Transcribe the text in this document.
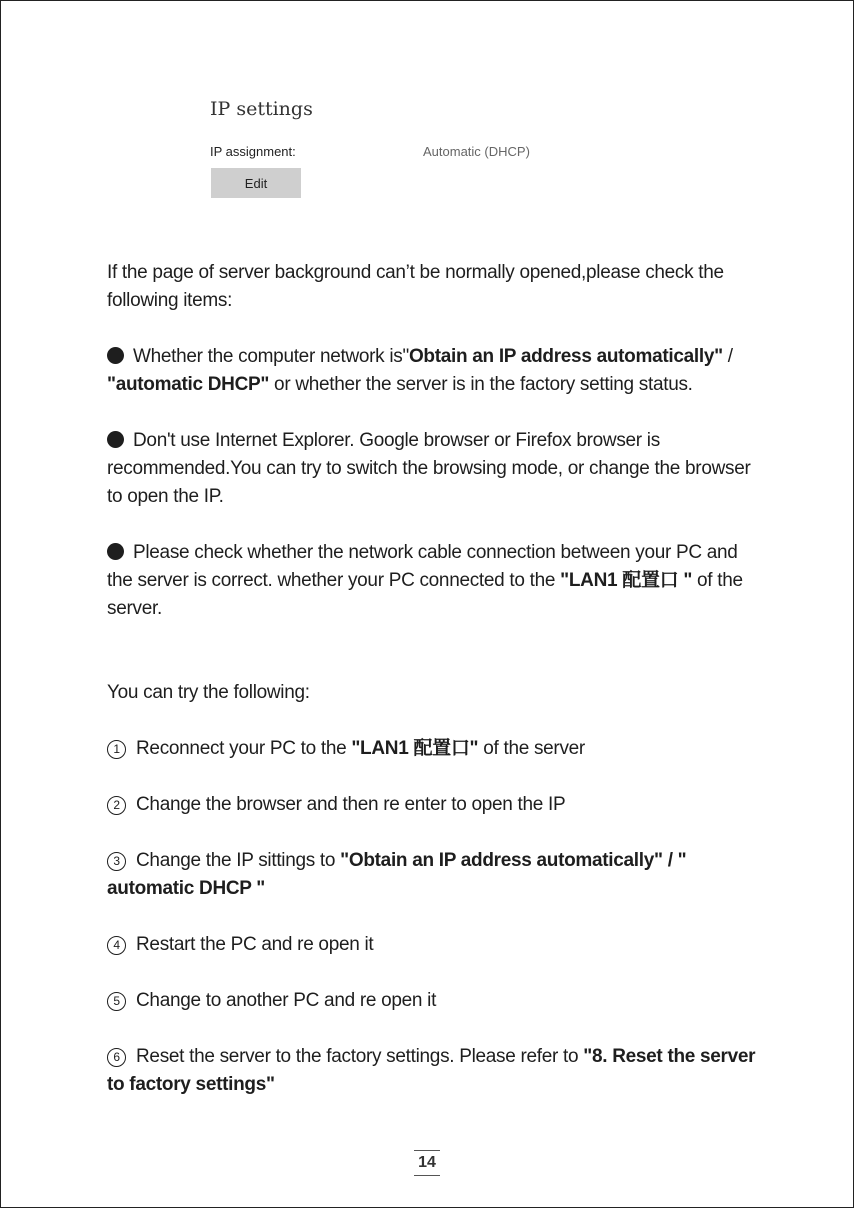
IP settings
IP assignment:	Automatic (DHCP)
Edit

If the page of server background can’t be normally opened,please check the following items:

Whether the computer network is"Obtain an IP address automatically" / "automatic DHCP" or whether the server is in the factory setting status.

Don't use Internet Explorer. Google browser or Firefox browser is recommended.You can try to switch the browsing mode, or change the browser to open the IP.

Please check whether the network cable connection between your PC and the server is correct. whether your PC connected to the "LAN1 配置口 " of the server.

You can try the following:

1 Reconnect your PC to the "LAN1 配置口" of the server

2 Change the browser and then re enter to open the IP

3 Change the IP sittings to "Obtain an IP address automatically" / " automatic DHCP "

4 Restart the PC and re open it

5 Change to another PC and re open it

6 Reset the server to the factory settings. Please refer to "8. Reset the server to factory settings"

14
